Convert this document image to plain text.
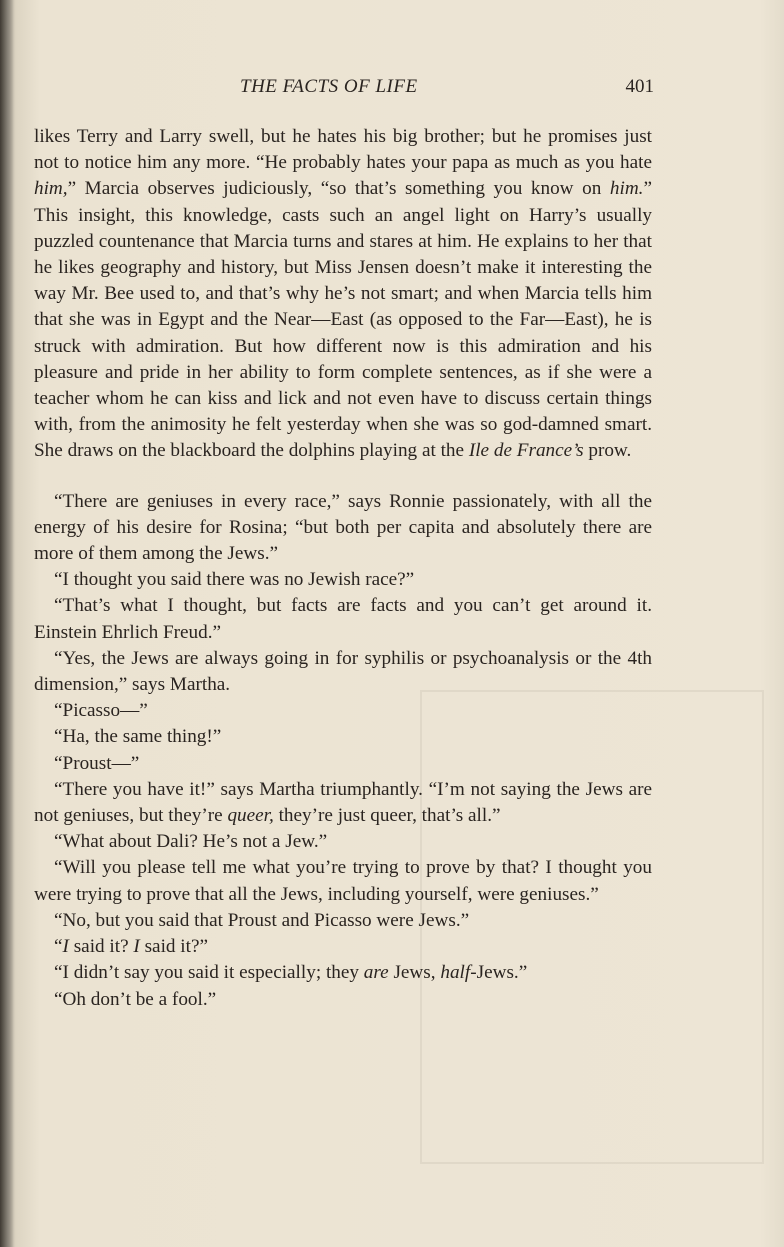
THE FACTS OF LIFE	401

likes Terry and Larry swell, but he hates his big brother; but he promises just not to notice him any more. “He probably hates your papa as much as you hate him,” Marcia observes judiciously, “so that’s something you know on him.” This insight, this knowledge, casts such an angel light on Harry’s usually puzzled countenance that Marcia turns and stares at him. He explains to her that he likes geography and history, but Miss Jensen doesn’t make it interesting the way Mr. Bee used to, and that’s why he’s not smart; and when Marcia tells him that she was in Egypt and the Near—East (as opposed to the Far—East), he is struck with admiration. But how different now is this admiration and his pleasure and pride in her ability to form complete sentences, as if she were a teacher whom he can kiss and lick and not even have to discuss certain things with, from the animosity he felt yesterday when she was so god-damned smart. She draws on the blackboard the dolphins playing at the Ile de France’s prow.

“There are geniuses in every race,” says Ronnie passionately, with all the energy of his desire for Rosina; “but both per capita and absolutely there are more of them among the Jews.”

“I thought you said there was no Jewish race?”

“That’s what I thought, but facts are facts and you can’t get around it. Einstein Ehrlich Freud.”

“Yes, the Jews are always going in for syphilis or psychoanalysis or the 4th dimension,” says Martha.

“Picasso—”

“Ha, the same thing!”

“Proust—”

“There you have it!” says Martha triumphantly. “I’m not saying the Jews are not geniuses, but they’re queer, they’re just queer, that’s all.”

“What about Dali? He’s not a Jew.”

“Will you please tell me what you’re trying to prove by that? I thought you were trying to prove that all the Jews, including yourself, were geniuses.”

“No, but you said that Proust and Picasso were Jews.”

“I said it? I said it?”

“I didn’t say you said it especially; they are Jews, half-Jews.”

“Oh don’t be a fool.”
